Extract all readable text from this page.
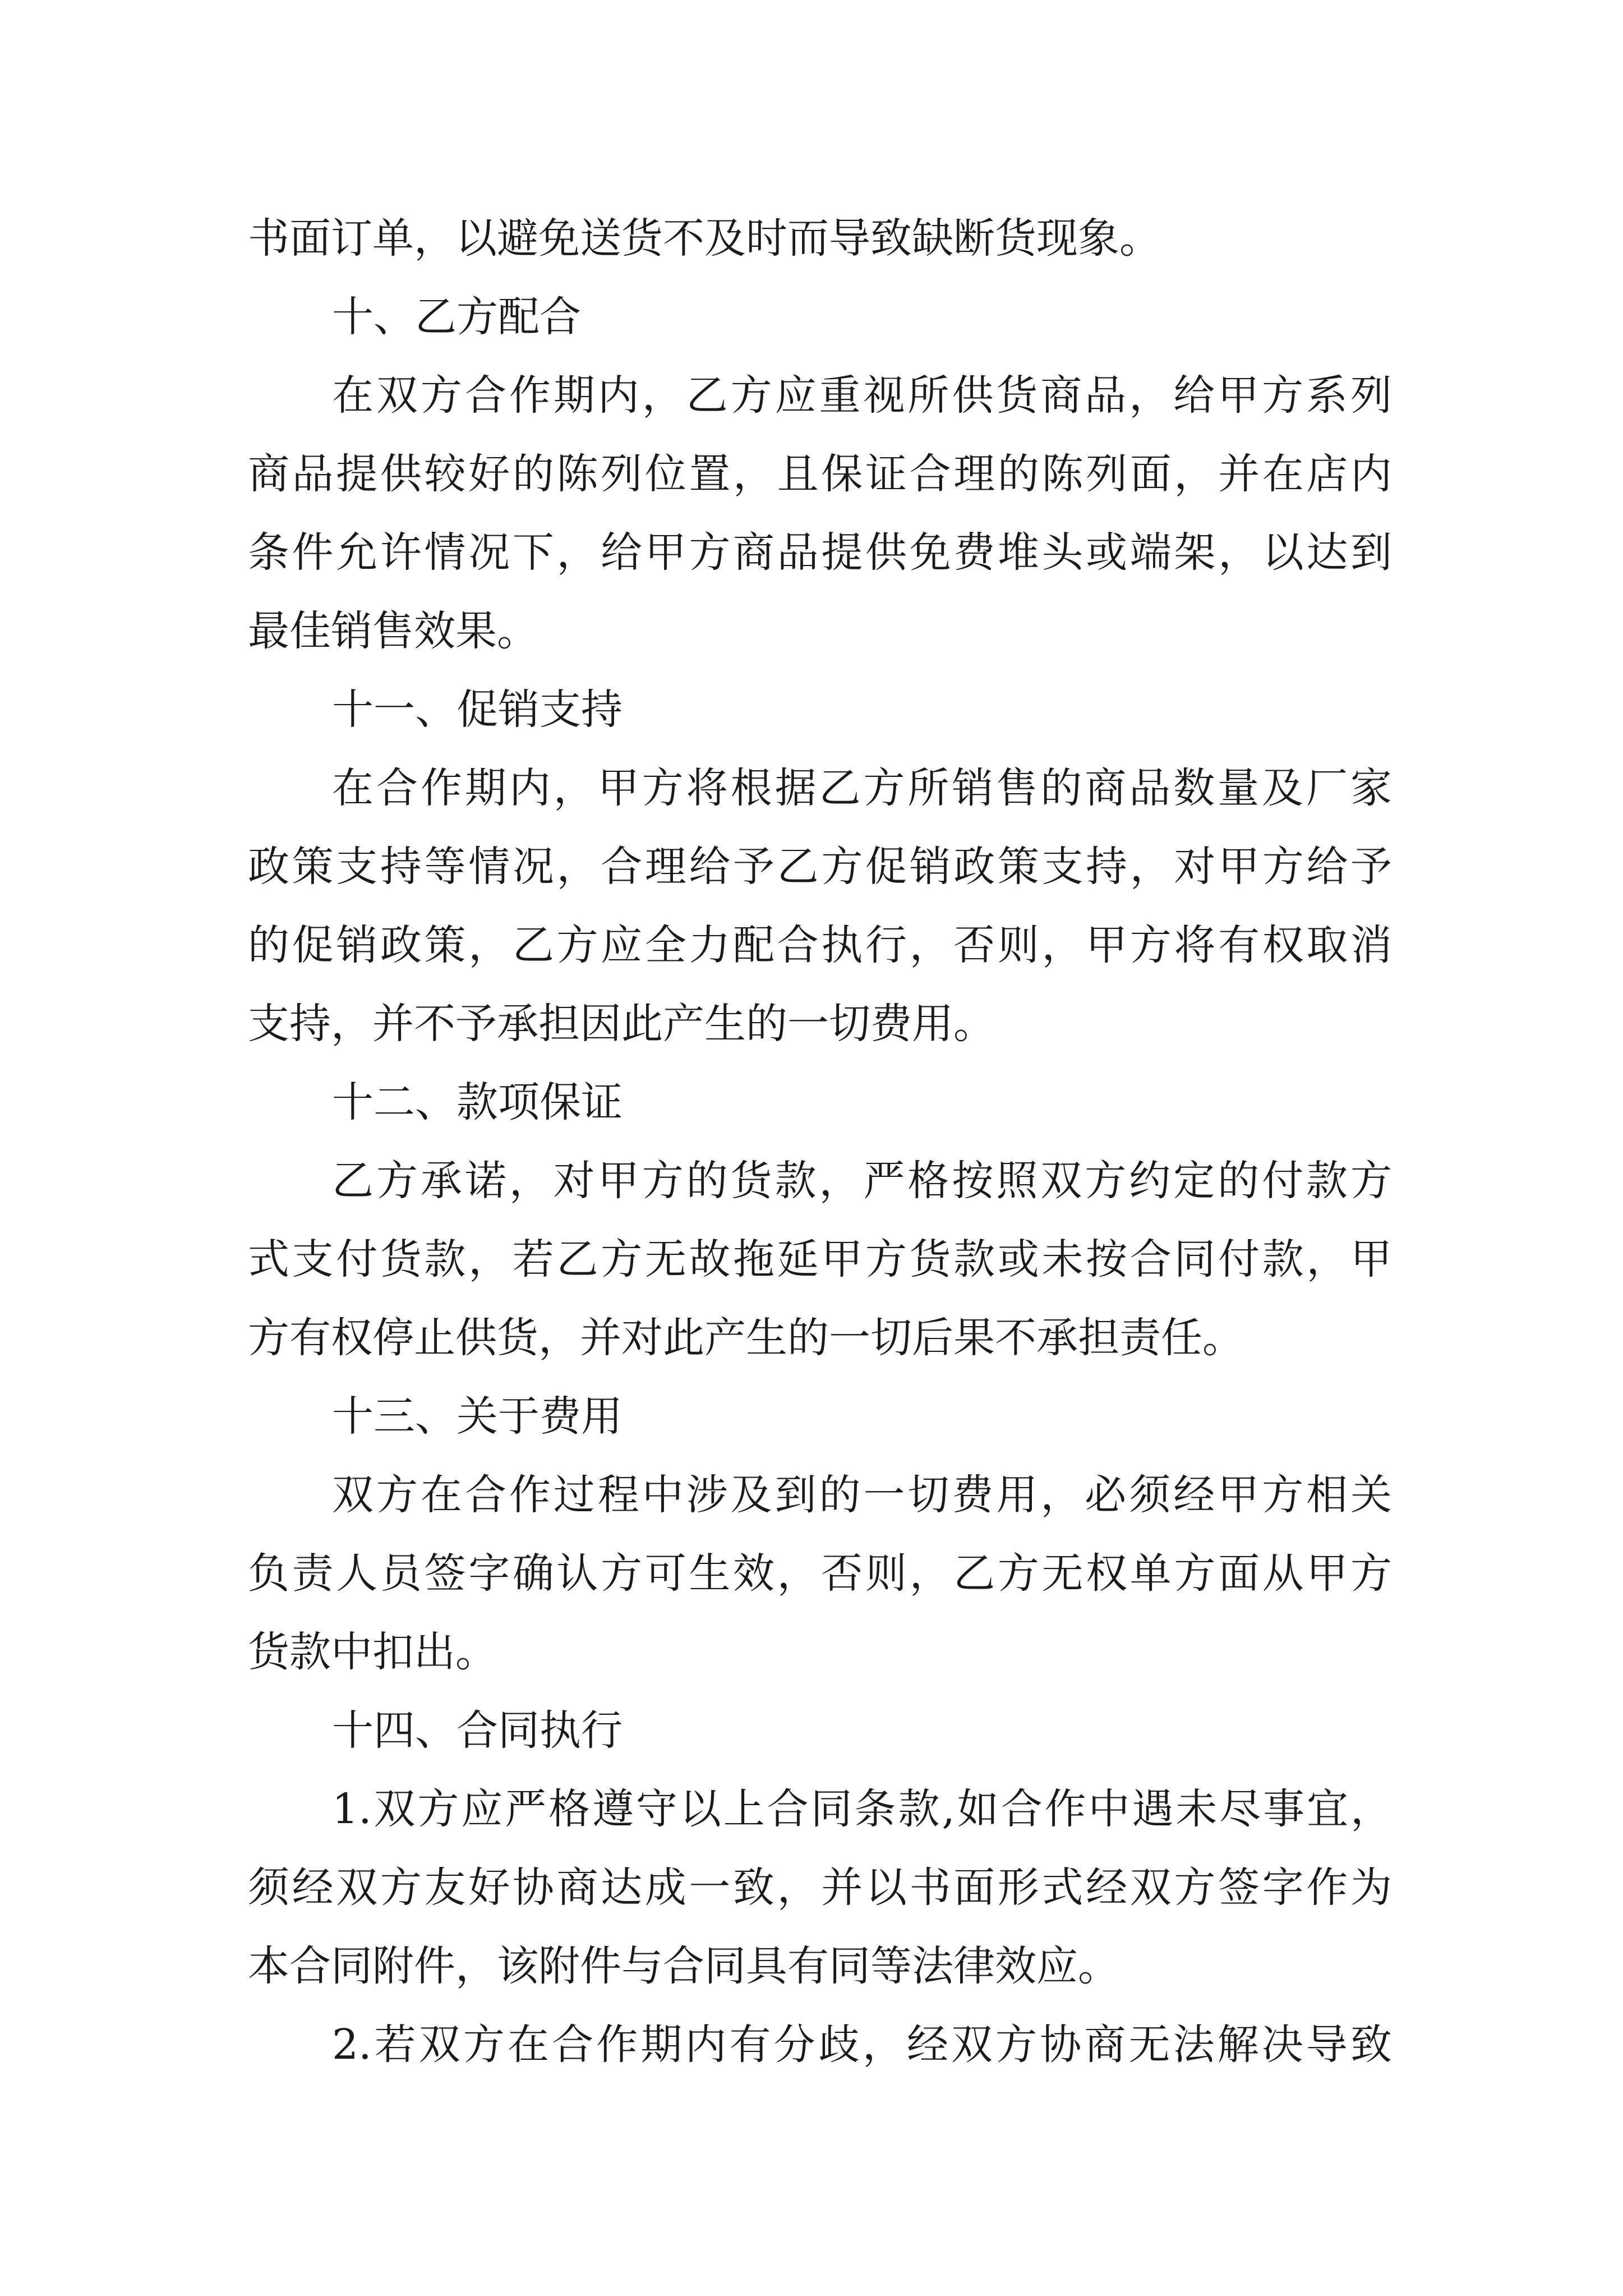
书面订单，以避免送货不及时而导致缺断货现象。
十、乙方配合
在双方合作期内，乙方应重视所供货商品，给甲方系列
商品提供较好的陈列位置，且保证合理的陈列面，并在店内
条件允许情况下，给甲方商品提供免费堆头或端架，以达到
最佳销售效果。
十一、促销支持
在合作期内，甲方将根据乙方所销售的商品数量及厂家
政策支持等情况，合理给予乙方促销政策支持，对甲方给予
的促销政策，乙方应全力配合执行，否则，甲方将有权取消
支持，并不予承担因此产生的一切费用。
十二、款项保证
乙方承诺，对甲方的货款，严格按照双方约定的付款方
式支付货款，若乙方无故拖延甲方货款或未按合同付款，甲
方有权停止供货，并对此产生的一切后果不承担责任。
十三、关于费用
双方在合作过程中涉及到的一切费用，必须经甲方相关
负责人员签字确认方可生效，否则，乙方无权单方面从甲方
货款中扣出。
十四、合同执行
1.双方应严格遵守以上合同条款,如合作中遇未尽事宜，
须经双方友好协商达成一致，并以书面形式经双方签字作为
本合同附件，该附件与合同具有同等法律效应。
2.若双方在合作期内有分歧，经双方协商无法解决导致
